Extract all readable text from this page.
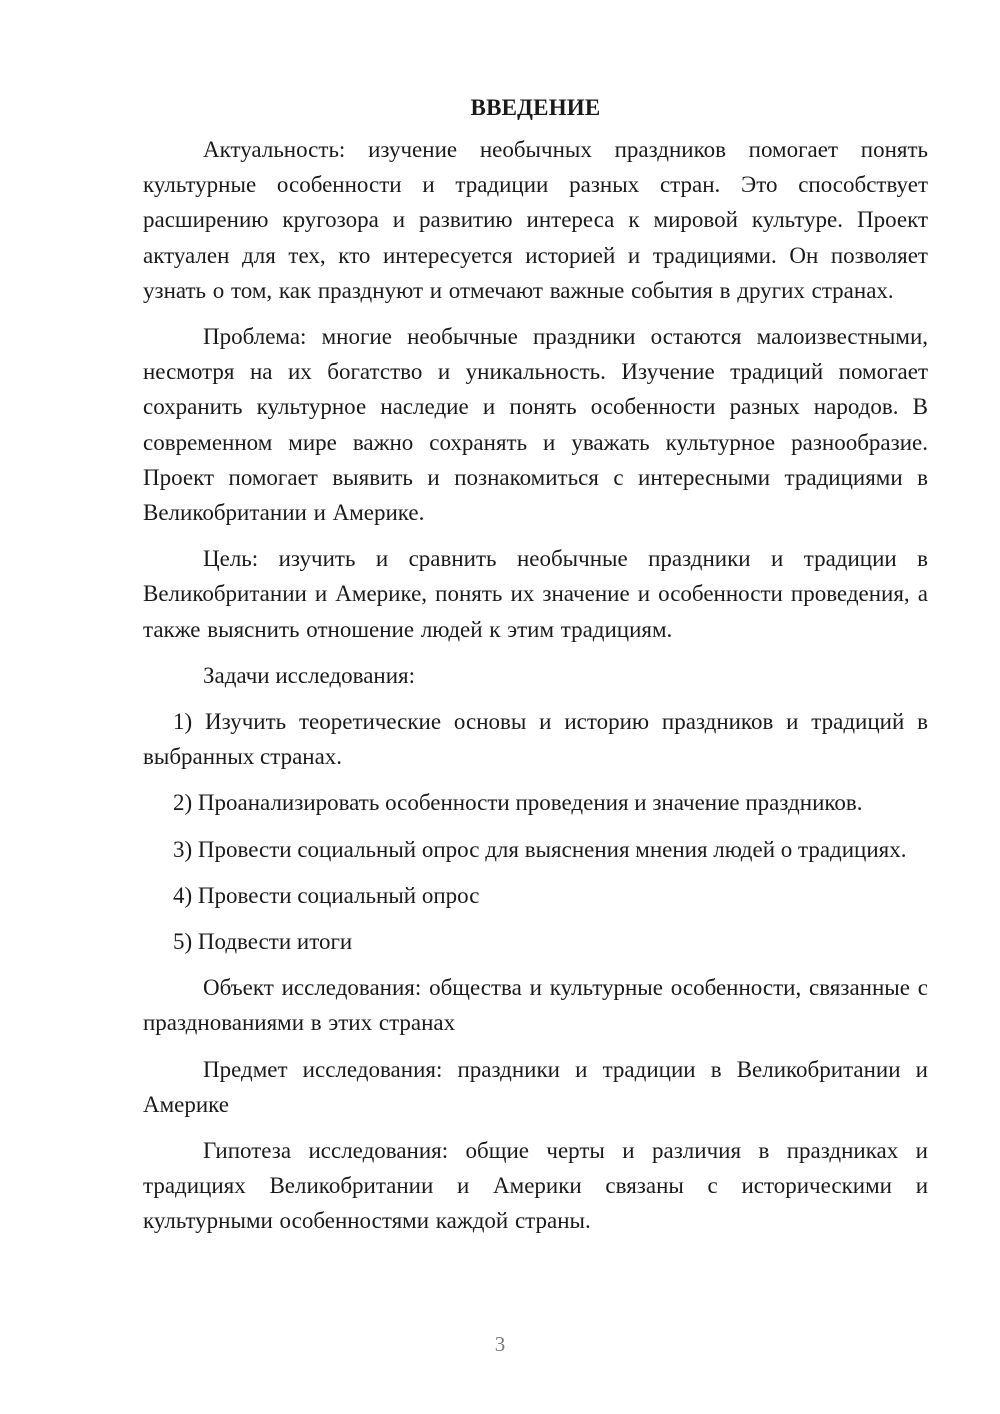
ВВЕДЕНИЕ

Актуальность: изучение необычных праздников помогает понять культурные особенности и традиции разных стран. Это способствует расширению кругозора и развитию интереса к мировой культуре. Проект актуален для тех, кто интересуется историей и традициями. Он позволяет узнать о том, как празднуют и отмечают важные события в других странах.

Проблема: многие необычные праздники остаются малоизвестными, несмотря на их богатство и уникальность. Изучение традиций помогает сохранить культурное наследие и понять особенности разных народов. В современном мире важно сохранять и уважать культурное разнообразие. Проект помогает выявить и познакомиться с интересными традициями в Великобритании и Америке.

Цель: изучить и сравнить необычные праздники и традиции в Великобритании и Америке, понять их значение и особенности проведения, а также выяснить отношение людей к этим традициям.

Задачи исследования:

1) Изучить теоретические основы и историю праздников и традиций в выбранных странах.

2) Проанализировать особенности проведения и значение праздников.

3) Провести социальный опрос для выяснения мнения людей о традициях.

4) Провести социальный опрос

5) Подвести итоги

Объект исследования: общества и культурные особенности, связанные с празднованиями в этих странах

Предмет исследования: праздники и традиции в Великобритании и Америке

Гипотеза исследования: общие черты и различия в праздниках и традициях Великобритании и Америки связаны с историческими и культурными особенностями каждой страны.

3
